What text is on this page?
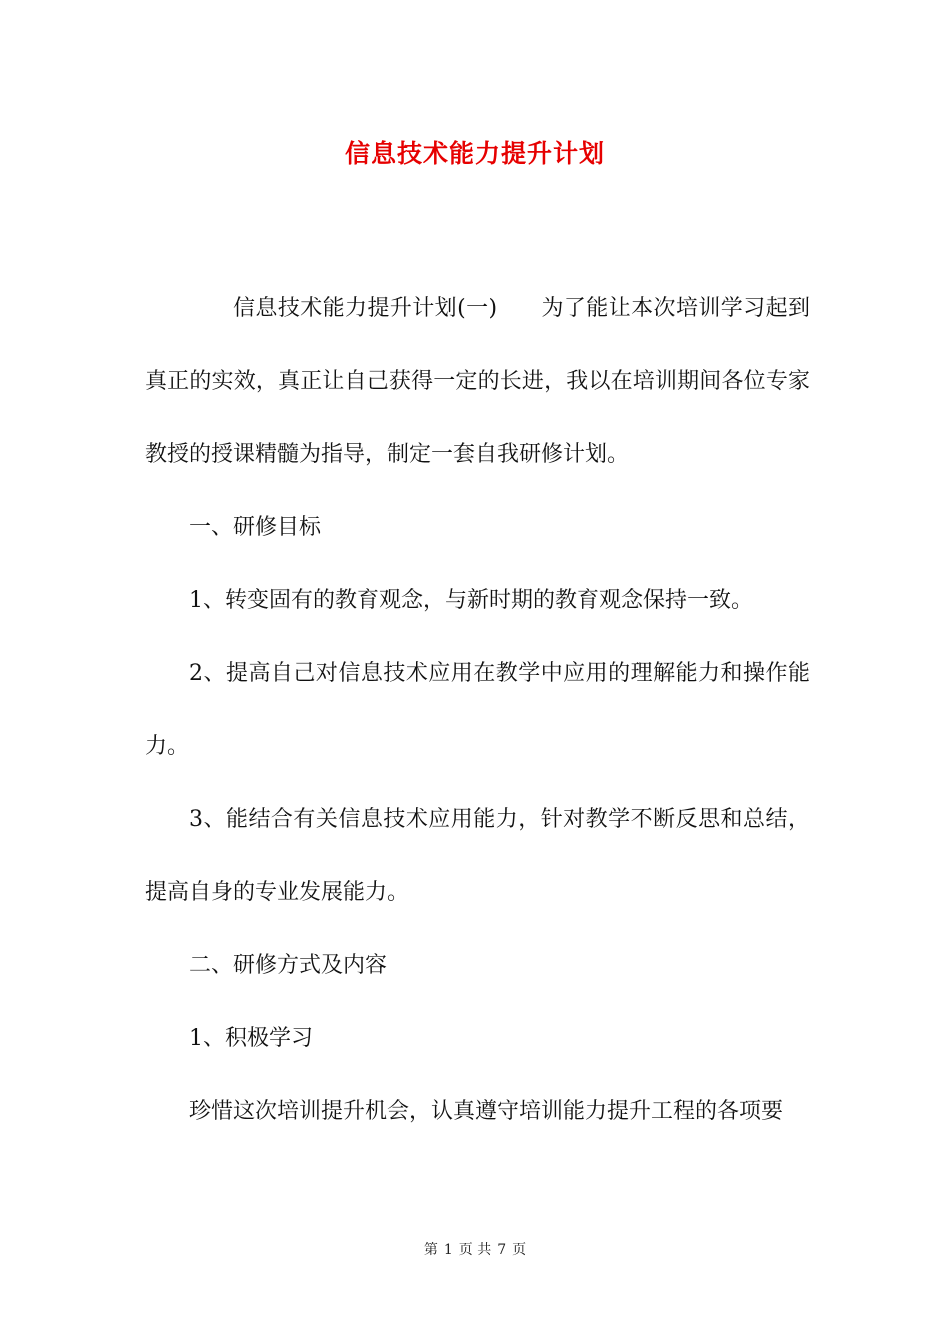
信息技术能力提升计划

信息技术能力提升计划(一) 为了能让本次培训学习起到真正的实效，真正让自己获得一定的长进，我以在培训期间各位专家教授的授课精髓为指导，制定一套自我研修计划。

一、研修目标

1、转变固有的教育观念，与新时期的教育观念保持一致。

2、提高自己对信息技术应用在教学中应用的理解能力和操作能力。

3、能结合有关信息技术应用能力，针对教学不断反思和总结，提高自身的专业发展能力。

二、研修方式及内容

1、积极学习

珍惜这次培训提升机会，认真遵守培训能力提升工程的各项要

第 1 页 共 7 页
